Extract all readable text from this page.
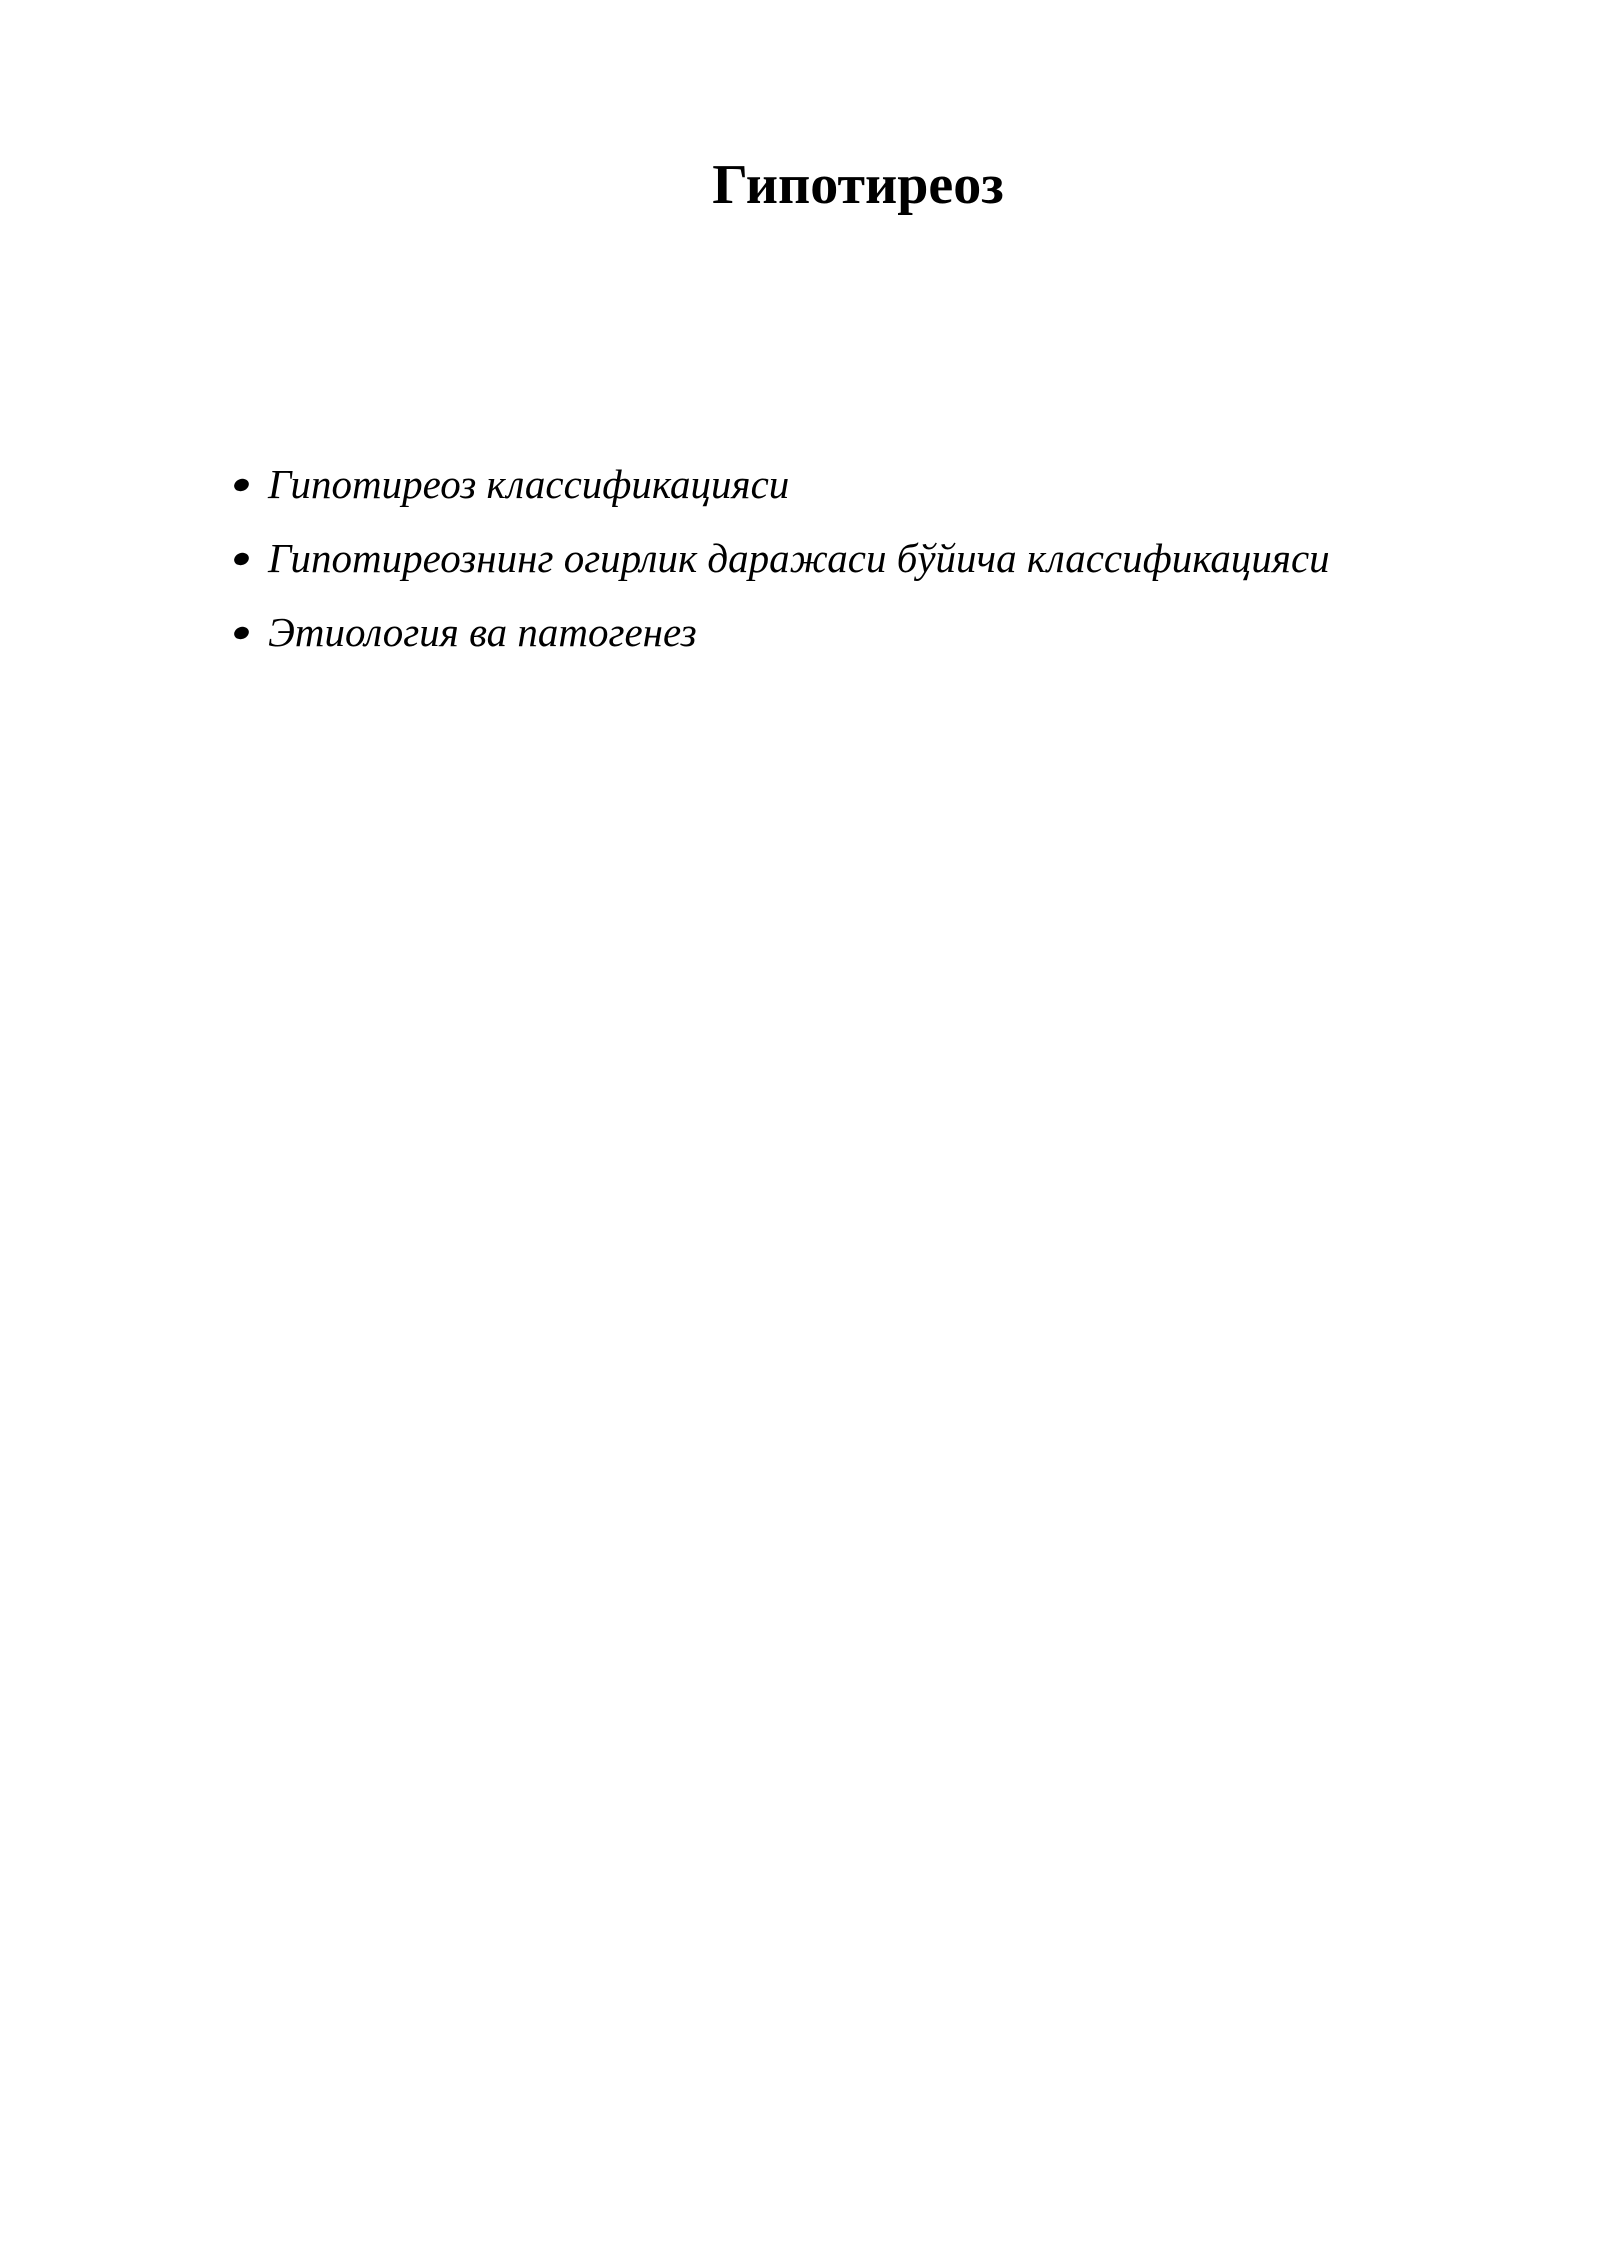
Гипотиреоз
Гипотиреоз классификацияси
Гипотиреознинг огирлик даражаси бўйича классификацияси
Этиология ва патогенез
